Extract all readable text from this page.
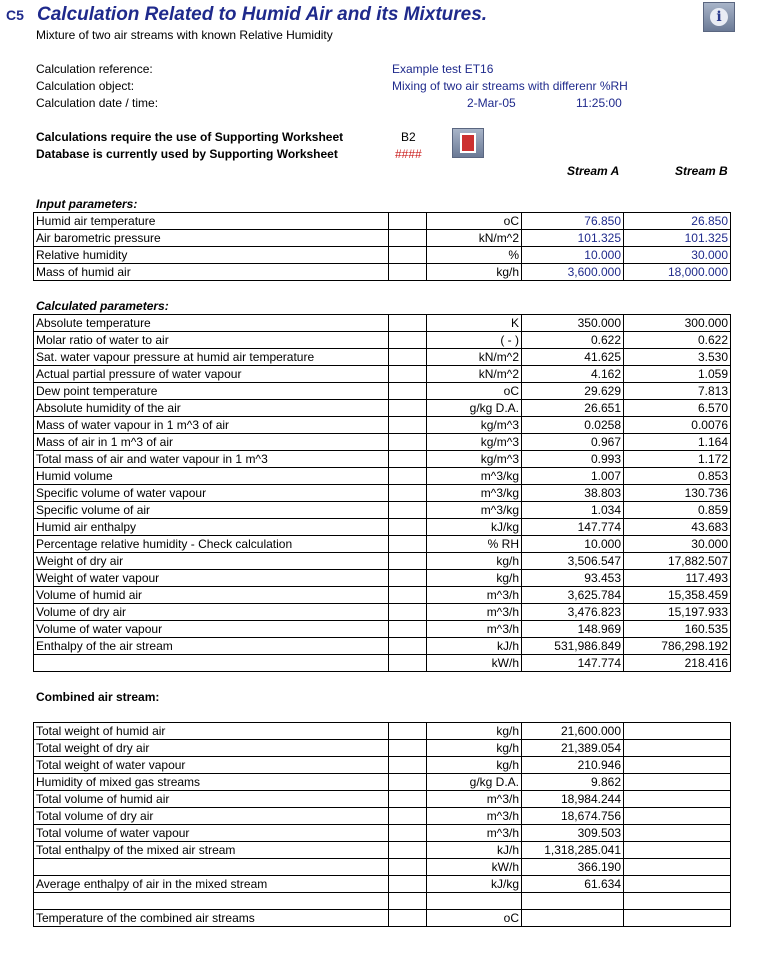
C5 Calculation Related to Humid Air and its Mixtures.
Mixture of two air streams with known Relative Humidity
i
Calculation reference:	Example test ET16
Calculation object:	Mixing of two air streams with differenr %RH
Calculation date / time:	2-Mar-05	11:25:00
Calculations require the use of Supporting Worksheet	B2
Database is currently used by Supporting Worksheet	####
Stream A	Stream B
Input parameters:
Humid air temperature		oC	76.850	26.850
Air barometric pressure		kN/m^2	101.325	101.325
Relative humidity		%	10.000	30.000
Mass of humid air		kg/h	3,600.000	18,000.000
Calculated parameters:
Absolute temperature		K	350.000	300.000
Molar ratio of water to air		( - )	0.622	0.622
Sat. water vapour pressure at humid air temperature		kN/m^2	41.625	3.530
Actual partial pressure of water vapour		kN/m^2	4.162	1.059
Dew point temperature		oC	29.629	7.813
Absolute humidity of the air		g/kg D.A.	26.651	6.570
Mass of water vapour in 1 m^3 of air		kg/m^3	0.0258	0.0076
Mass of air in 1 m^3 of air		kg/m^3	0.967	1.164
Total mass of air and water vapour in 1 m^3		kg/m^3	0.993	1.172
Humid volume		m^3/kg	1.007	0.853
Specific volume of water vapour		m^3/kg	38.803	130.736
Specific volume of air		m^3/kg	1.034	0.859
Humid air enthalpy		kJ/kg	147.774	43.683
Percentage relative humidity - Check calculation		% RH	10.000	30.000
Weight of dry air		kg/h	3,506.547	17,882.507
Weight of water vapour		kg/h	93.453	117.493
Volume of humid air		m^3/h	3,625.784	15,358.459
Volume of dry air		m^3/h	3,476.823	15,197.933
Volume of water vapour		m^3/h	148.969	160.535
Enthalpy of the air stream		kJ/h	531,986.849	786,298.192
		kW/h	147.774	218.416
Combined air stream:
Total weight of humid air		kg/h	21,600.000	
Total weight of dry air		kg/h	21,389.054	
Total weight of water vapour		kg/h	210.946	
Humidity of mixed gas streams		g/kg D.A.	9.862	
Total volume of humid air		m^3/h	18,984.244	
Total volume of dry air		m^3/h	18,674.756	
Total volume of water vapour		m^3/h	309.503	
Total enthalpy of the mixed air stream		kJ/h	1,318,285.041	
		kW/h	366.190	
Average enthalpy of air in the mixed stream		kJ/kg	61.634	

Temperature of the combined air streams		oC		
